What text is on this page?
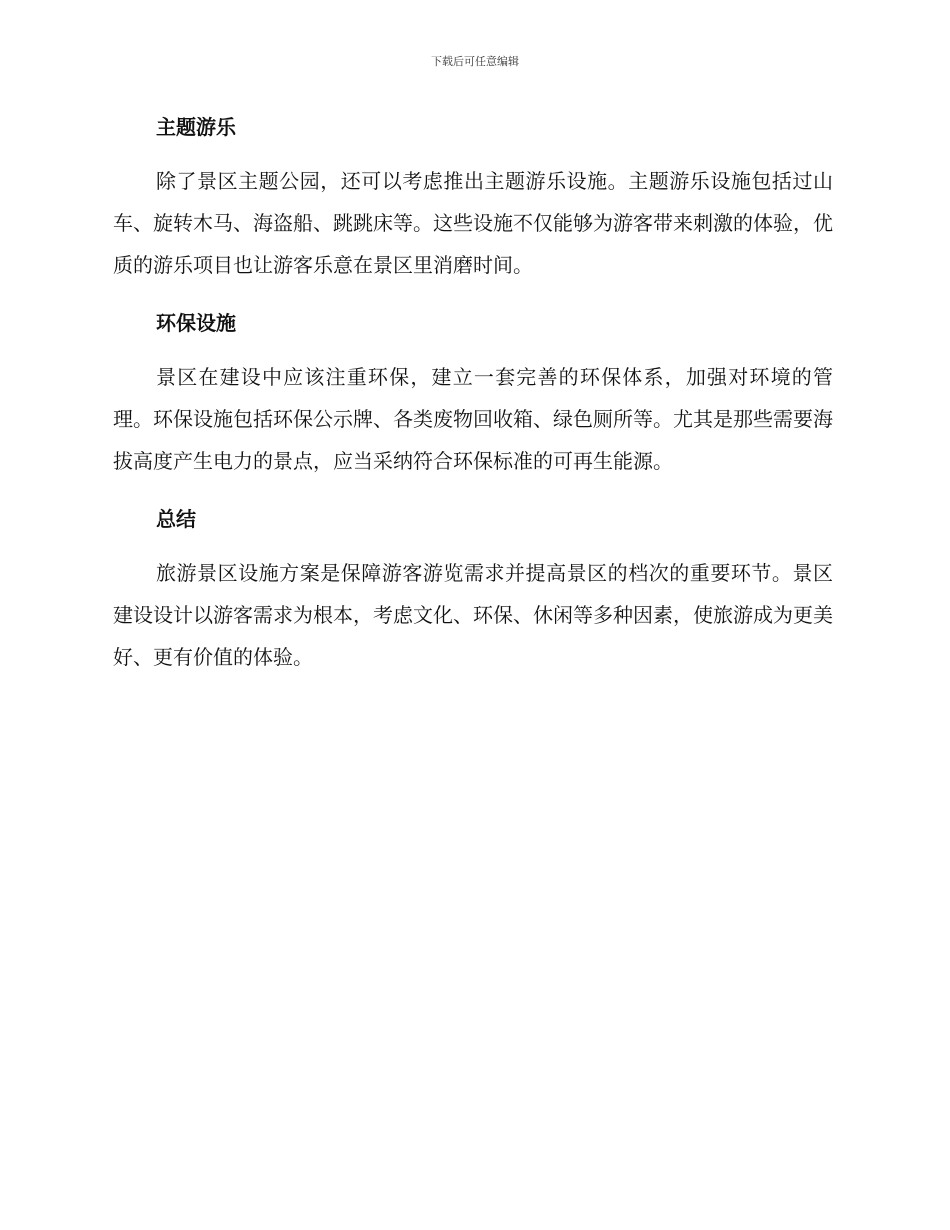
下载后可任意编辑
主题游乐

除了景区主题公园，还可以考虑推出主题游乐设施。主题游乐设施包括过山车、旋转木马、海盗船、跳跳床等。这些设施不仅能够为游客带来刺激的体验，优质的游乐项目也让游客乐意在景区里消磨时间。

环保设施

景区在建设中应该注重环保，建立一套完善的环保体系，加强对环境的管理。环保设施包括环保公示牌、各类废物回收箱、绿色厕所等。尤其是那些需要海拔高度产生电力的景点，应当采纳符合环保标准的可再生能源。

总结

旅游景区设施方案是保障游客游览需求并提高景区的档次的重要环节。景区建设设计以游客需求为根本，考虑文化、环保、休闲等多种因素，使旅游成为更美好、更有价值的体验。
